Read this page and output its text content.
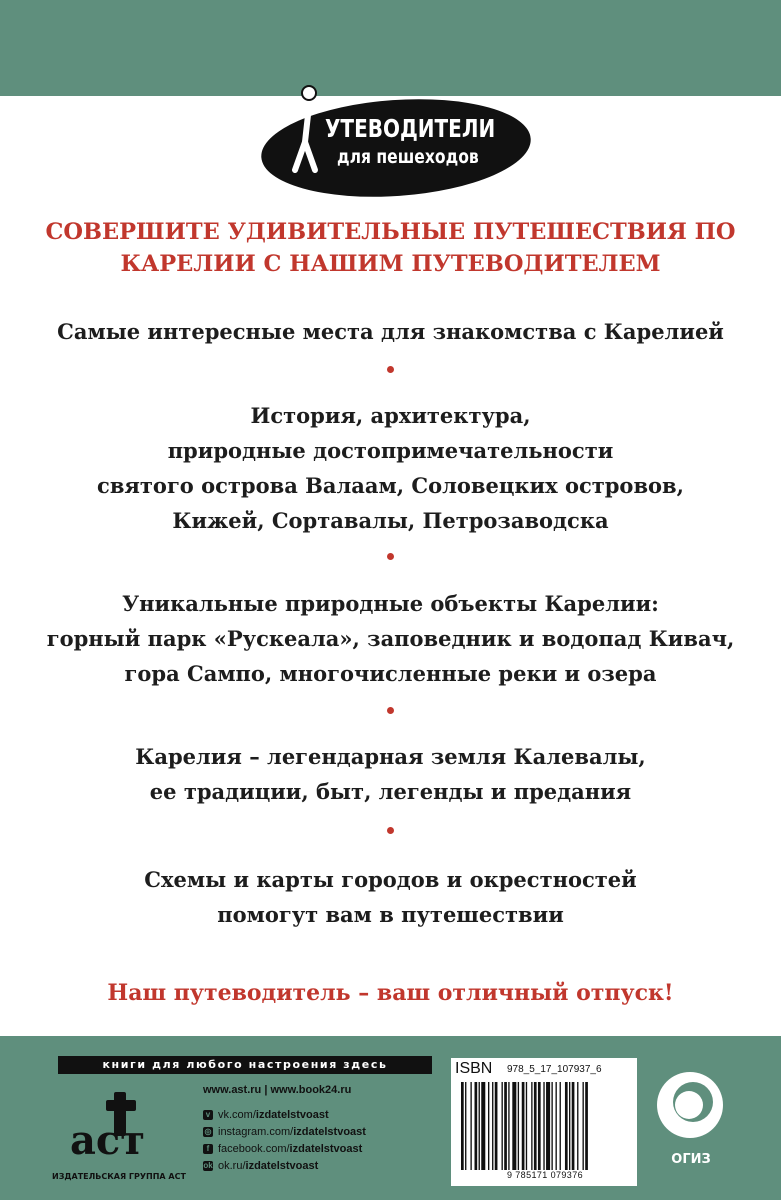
УТЕВОДИТЕЛИ
для пешеходов
СОВЕРШИТЕ УДИВИТЕЛЬНЫЕ ПУТЕШЕСТВИЯ ПО
КАРЕЛИИ С НАШИМ ПУТЕВОДИТЕЛЕМ
Самые интересные места для знакомства с Карелией
История, архитектура,
природные достопримечательности
святого острова Валаам, Соловецких островов,
Кижей, Сортавалы, Петрозаводска
Уникальные природные объекты Карелии:
горный парк «Рускеала», заповедник и водопад Кивач,
гора Сампо, многочисленные реки и озера
Карелия – легендарная земля Калевалы,
ее традиции, быт, легенды и предания
Схемы и карты городов и окрестностей
помогут вам в путешествии
Наш путеводитель – ваш отличный отпуск!
книги для любого настроения здесь
аст
ИЗДАТЕЛЬСКАЯ ГРУППА АСТ
www.ast.ru | www.book24.ru
v vk.com/ izdatelstvoast
◎ instagram.com/ izdatelstvoast
f facebook.com/ izdatelstvoast
ok ok.ru/ izdatelstvoast
ISBN 978_5_17_107937_6
9 785171 079376
ОГИЗ
